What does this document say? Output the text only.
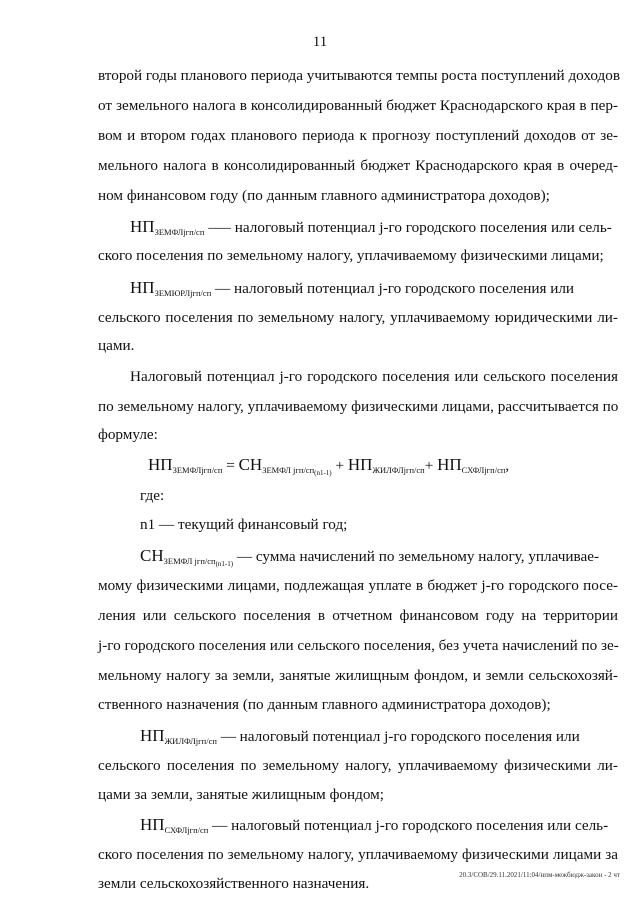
11
второй годы планового периода учитываются темпы роста поступлений доходов
от земельного налога в консолидированный бюджет Краснодарского края в пер-
вом и втором годах планового периода к прогнозу поступлений доходов от зе-
мельного налога в консолидированный бюджет Краснодарского края в очеред-
ном финансовом году (по данным главного администратора доходов);
$НП_{ЗЕМФЛjгп/сп}$ ––– налоговый потенциал j-го городского поселения или сель-
ского поселения по земельному налогу, уплачиваемому физическими лицами;
$НП_{ЗЕМЮРЛjгп/сп}$ — налоговый потенциал j-го городского поселения или
сельского поселения по земельному налогу, уплачиваемому юридическими ли-
цами.
Налоговый потенциал j-го городского поселения или сельского поселения
по земельному налогу, уплачиваемому физическими лицами, рассчитывается по
формуле:
$НП_{ЗЕМФЛjгп/сп} = СН_{ЗЕМФЛ jгп/сп_{(n1-1)}} + НП_{ЖИЛФЛjгп/сп}+ НП_{СХФЛjгп/сп}$,
где:
n1 — текущий финансовый год;
$СН_{ЗЕМФЛ jгп/сп_{(n1-1)}}$ — сумма начислений по земельному налогу, уплачивае-
мому физическими лицами, подлежащая уплате в бюджет j-го городского посе-
ления или сельского поселения в отчетном финансовом году на территории
j-го городского поселения или сельского поселения, без учета начислений по зе-
мельному налогу за земли, занятые жилищным фондом, и земли сельскохозяй-
ственного назначения (по данным главного администратора доходов);
$НП_{ЖИЛФЛjгп/сп}$ — налоговый потенциал j-го городского поселения или
сельского поселения по земельному налогу, уплачиваемому физическими ли-
цами за земли, занятые жилищным фондом;
$НП_{СХФЛjгп/сп}$ — налоговый потенциал j-го городского поселения или сель-
ского поселения по земельному налогу, уплачиваемому физическими лицами за
земли сельскохозяйственного назначения.	20.3/СОВ/29.11.2021/11:04/нпм-межбюдж-закон - 2 чт
